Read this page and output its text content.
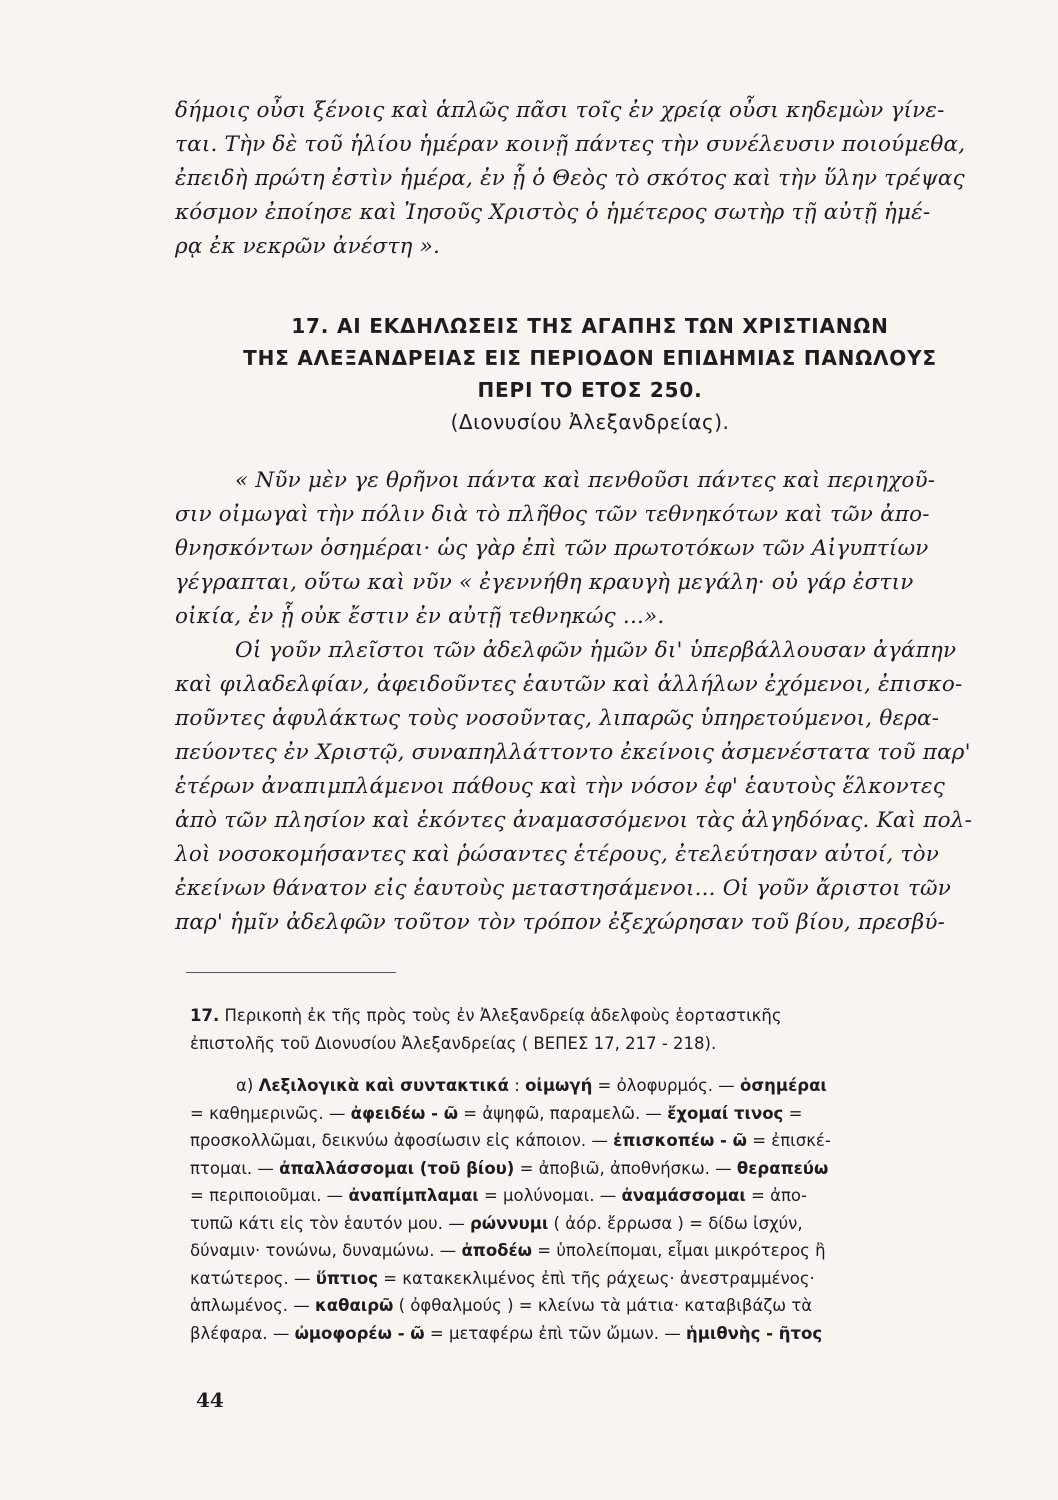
δήμοις οὖσι ξένοις καὶ ἁπλῶς πᾶσι τοῖς ἐν χρείᾳ οὖσι κηδεμὼν γίνε-
ται. Τὴν δὲ τοῦ ἡλίου ἡμέραν κοινῇ πάντες τὴν συνέλευσιν ποιούμεθα,
ἐπειδὴ πρώτη ἐστὶν ἡμέρα, ἐν ᾗ ὁ Θεὸς τὸ σκότος καὶ τὴν ὕλην τρέψας
κόσμον ἐποίησε καὶ Ἰησοῦς Χριστὸς ὁ ἡμέτερος σωτὴρ τῇ αὐτῇ ἡμέ-
ρᾳ ἐκ νεκρῶν ἀνέστη ».
17. ΑΙ ΕΚΔΗΛΩΣΕΙΣ ΤΗΣ ΑΓΑΠΗΣ ΤΩΝ ΧΡΙΣΤΙΑΝΩΝ
ΤΗΣ ΑΛΕΞΑΝΔΡΕΙΑΣ ΕΙΣ ΠΕΡΙΟΔΟΝ ΕΠΙΔΗΜΙΑΣ ΠΑΝΩΛΟΥΣ
ΠΕΡΙ ΤΟ ΕΤΟΣ 250.
(Διονυσίου Ἀλεξανδρείας).
« Νῦν μὲν γε θρῆνοι πάντα καὶ πενθοῦσι πάντες καὶ περιηχοῦ-
σιν οἰμωγαὶ τὴν πόλιν διὰ τὸ πλῆθος τῶν τεθνηκότων καὶ τῶν ἀπο-
θνησκόντων ὁσημέραι· ὡς γὰρ ἐπὶ τῶν πρωτοτόκων τῶν Αἰγυπτίων
γέγραπται, οὕτω καὶ νῦν « ἐγεννήθη κραυγὴ μεγάλη· οὐ γάρ ἐστιν
οἰκία, ἐν ᾗ οὐκ ἔστιν ἐν αὐτῇ τεθνηκώς ...».
Οἱ γοῦν πλεῖστοι τῶν ἀδελφῶν ἡμῶν δι' ὑπερβάλλουσαν ἀγάπην
καὶ φιλαδελφίαν, ἀφειδοῦντες ἑαυτῶν καὶ ἀλλήλων ἐχόμενοι, ἐπισκο-
ποῦντες ἀφυλάκτως τοὺς νοσοῦντας, λιπαρῶς ὑπηρετούμενοι, θερα-
πεύοντες ἐν Χριστῷ, συναπηλλάττοντο ἐκείνοις ἀσμενέστατα τοῦ παρ'
ἑτέρων ἀναπιμπλάμενοι πάθους καὶ τὴν νόσον ἐφ' ἑαυτοὺς ἕλκοντες
ἀπὸ τῶν πλησίον καὶ ἑκόντες ἀναμασσόμενοι τὰς ἀλγηδόνας. Καὶ πολ-
λοὶ νοσοκομήσαντες καὶ ῥώσαντες ἑτέρους, ἐτελεύτησαν αὐτοί, τὸν
ἐκείνων θάνατον εἰς ἑαυτοὺς μεταστησάμενοι... Οἱ γοῦν ἄριστοι τῶν
παρ' ἡμῖν ἀδελφῶν τοῦτον τὸν τρόπον ἐξεχώρησαν τοῦ βίου, πρεσβύ-
17. Περικοπὴ ἐκ τῆς πρὸς τοὺς ἐν Ἀλεξανδρείᾳ ἀδελφοὺς ἑορταστικῆς
ἐπιστολῆς τοῦ Διονυσίου Ἀλεξανδρείας ( ΒΕΠΕΣ 17, 217 - 218).
α) Λεξιλογικὰ καὶ συντακτικά : οἰμωγή = ὀλοφυρμός. — ὁσημέραι
= καθημερινῶς. — ἀφειδέω - ῶ = ἀψηφῶ, παραμελῶ. — ἔχομαί τινος =
προσκολλῶμαι, δεικνύω ἀφοσίωσιν εἰς κάποιον. — ἐπισκοπέω - ῶ = ἐπισκέ-
πτομαι. — ἀπαλλάσσομαι (τοῦ βίου) = ἀποβιῶ, ἀποθνήσκω. — θεραπεύω
= περιποιοῦμαι. — ἀναπίμπλαμαι = μολύνομαι. — ἀναμάσσομαι = ἀπο-
τυπῶ κάτι εἰς τὸν ἑαυτόν μου. — ρώννυμι ( ἀόρ. ἔρρωσα ) = δίδω ἰσχύν,
δύναμιν· τονώνω, δυναμώνω. — ἀποδέω = ὑπολείπομαι, εἶμαι μικρότερος ἢ
κατώτερος. — ὕπτιος = κατακεκλιμένος ἐπὶ τῆς ράχεως· ἀνεστραμμένος·
ἁπλωμένος. — καθαιρῶ ( ὀφθαλμούς ) = κλείνω τὰ μάτια· καταβιβάζω τὰ
βλέφαρα. — ὠμοφορέω - ῶ = μεταφέρω ἐπὶ τῶν ὤμων. — ἡμιθνὴς - ῆτος
44
